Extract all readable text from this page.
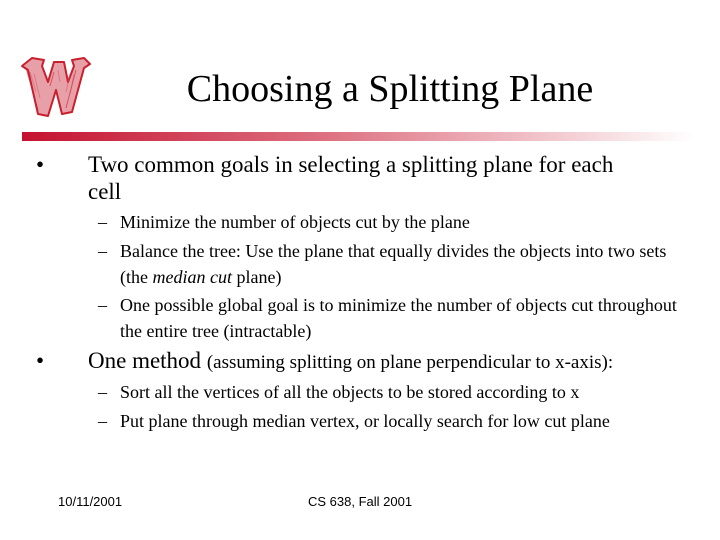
Choosing a Splitting Plane
• Two common goals in selecting a splitting plane for each cell
– Minimize the number of objects cut by the plane
– Balance the tree: Use the plane that equally divides the objects into two sets (the median cut plane)
– One possible global goal is to minimize the number of objects cut throughout the entire tree (intractable)
• One method (assuming splitting on plane perpendicular to x-axis):
– Sort all the vertices of all the objects to be stored according to x
– Put plane through median vertex, or locally search for low cut plane
10/11/2001	CS 638, Fall 2001
